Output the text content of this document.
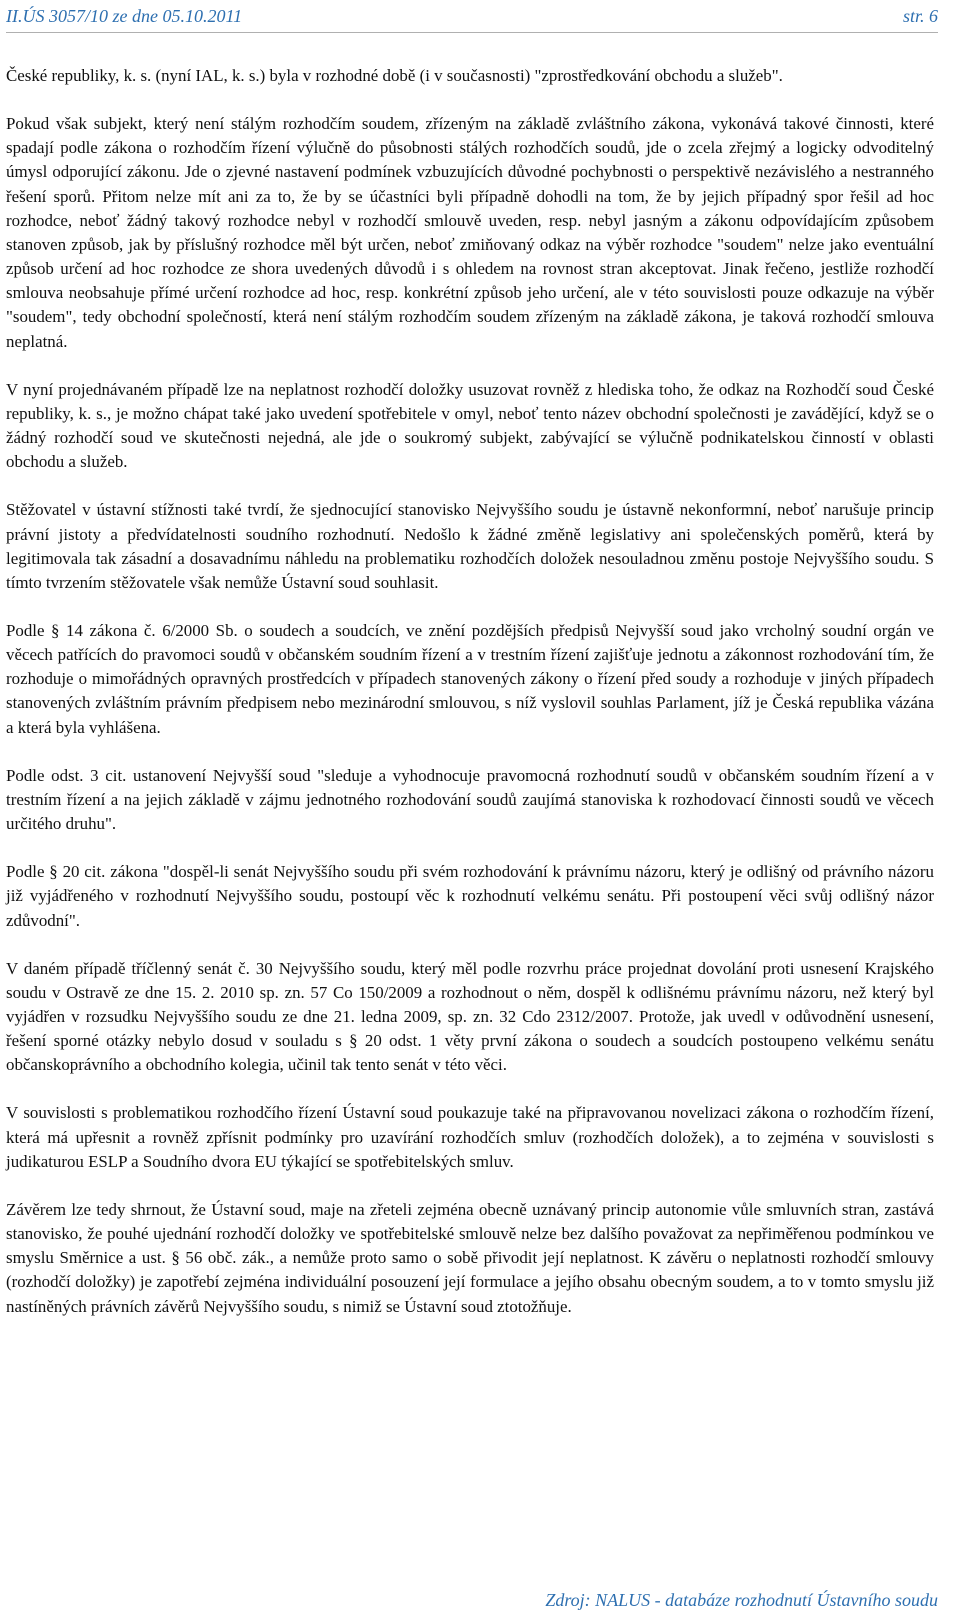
II.ÚS 3057/10 ze dne 05.10.2011	str. 6

České republiky, k. s. (nyní IAL, k. s.) byla v rozhodné době (i v současnosti) "zprostředkování obchodu a služeb".

Pokud však subjekt, který není stálým rozhodčím soudem, zřízeným na základě zvláštního zákona, vykonává takové činnosti, které spadají podle zákona o rozhodčím řízení výlučně do působnosti stálých rozhodčích soudů, jde o zcela zřejmý a logicky odvoditelný úmysl odporující zákonu. Jde o zjevné nastavení podmínek vzbuzujících důvodné pochybnosti o perspektivě nezávislého a nestranného řešení sporů. Přitom nelze mít ani za to, že by se účastníci byli případně dohodli na tom, že by jejich případný spor řešil ad hoc rozhodce, neboť žádný takový rozhodce nebyl v rozhodčí smlouvě uveden, resp. nebyl jasným a zákonu odpovídajícím způsobem stanoven způsob, jak by příslušný rozhodce měl být určen, neboť zmiňovaný odkaz na výběr rozhodce "soudem" nelze jako eventuální způsob určení ad hoc rozhodce ze shora uvedených důvodů i s ohledem na rovnost stran akceptovat. Jinak řečeno, jestliže rozhodčí smlouva neobsahuje přímé určení rozhodce ad hoc, resp. konkrétní způsob jeho určení, ale v této souvislosti pouze odkazuje na výběr "soudem", tedy obchodní společností, která není stálým rozhodčím soudem zřízeným na základě zákona, je taková rozhodčí smlouva neplatná.

V nyní projednávaném případě lze na neplatnost rozhodčí doložky usuzovat rovněž z hlediska toho, že odkaz na Rozhodčí soud České republiky, k. s., je možno chápat také jako uvedení spotřebitele v omyl, neboť tento název obchodní společnosti je zavádějící, když se o žádný rozhodčí soud ve skutečnosti nejedná, ale jde o soukromý subjekt, zabývající se výlučně podnikatelskou činností v oblasti obchodu a služeb.

Stěžovatel v ústavní stížnosti také tvrdí, že sjednocující stanovisko Nejvyššího soudu je ústavně nekonformní, neboť narušuje princip právní jistoty a předvídatelnosti soudního rozhodnutí. Nedošlo k žádné změně legislativy ani společenských poměrů, která by legitimovala tak zásadní a dosavadnímu náhledu na problematiku rozhodčích doložek nesouladnou změnu postoje Nejvyššího soudu. S tímto tvrzením stěžovatele však nemůže Ústavní soud souhlasit.

Podle § 14 zákona č. 6/2000 Sb. o soudech a soudcích, ve znění pozdějších předpisů Nejvyšší soud jako vrcholný soudní orgán ve věcech patřících do pravomoci soudů v občanském soudním řízení a v trestním řízení zajišťuje jednotu a zákonnost rozhodování tím, že rozhoduje o mimořádných opravných prostředcích v případech stanovených zákony o řízení před soudy a rozhoduje v jiných případech stanovených zvláštním právním předpisem nebo mezinárodní smlouvou, s níž vyslovil souhlas Parlament, jíž je Česká republika vázána a která byla vyhlášena.

Podle odst. 3 cit. ustanovení Nejvyšší soud "sleduje a vyhodnocuje pravomocná rozhodnutí soudů v občanském soudním řízení a v trestním řízení a na jejich základě v zájmu jednotného rozhodování soudů zaujímá stanoviska k rozhodovací činnosti soudů ve věcech určitého druhu".

Podle § 20 cit. zákona "dospěl-li senát Nejvyššího soudu při svém rozhodování k právnímu názoru, který je odlišný od právního názoru již vyjádřeného v rozhodnutí Nejvyššího soudu, postoupí věc k rozhodnutí velkému senátu. Při postoupení věci svůj odlišný názor zdůvodní".

V daném případě tříčlenný senát č. 30 Nejvyššího soudu, který měl podle rozvrhu práce projednat dovolání proti usnesení Krajského soudu v Ostravě ze dne 15. 2. 2010 sp. zn. 57 Co 150/2009 a rozhodnout o něm, dospěl k odlišnému právnímu názoru, než který byl vyjádřen v rozsudku Nejvyššího soudu ze dne 21. ledna 2009, sp. zn. 32 Cdo 2312/2007. Protože, jak uvedl v odůvodnění usnesení, řešení sporné otázky nebylo dosud v souladu s § 20 odst. 1 věty první zákona o soudech a soudcích postoupeno velkému senátu občanskoprávního a obchodního kolegia, učinil tak tento senát v této věci.

V souvislosti s problematikou rozhodčího řízení Ústavní soud poukazuje také na připravovanou novelizaci zákona o rozhodčím řízení, která má upřesnit a rovněž zpřísnit podmínky pro uzavírání rozhodčích smluv (rozhodčích doložek), a to zejména v souvislosti s judikaturou ESLP a Soudního dvora EU týkající se spotřebitelských smluv.

Závěrem lze tedy shrnout, že Ústavní soud, maje na zřeteli zejména obecně uznávaný princip autonomie vůle smluvních stran, zastává stanovisko, že pouhé ujednání rozhodčí doložky ve spotřebitelské smlouvě nelze bez dalšího považovat za nepřiměřenou podmínkou ve smyslu Směrnice a ust. § 56 obč. zák., a nemůže proto samo o sobě přivodit její neplatnost. K závěru o neplatnosti rozhodčí smlouvy (rozhodčí doložky) je zapotřebí zejména individuální posouzení její formulace a jejího obsahu obecným soudem, a to v tomto smyslu již nastíněných právních závěrů Nejvyššího soudu, s nimiž se Ústavní soud ztotožňuje.

Zdroj: NALUS - databáze rozhodnutí Ústavního soudu
